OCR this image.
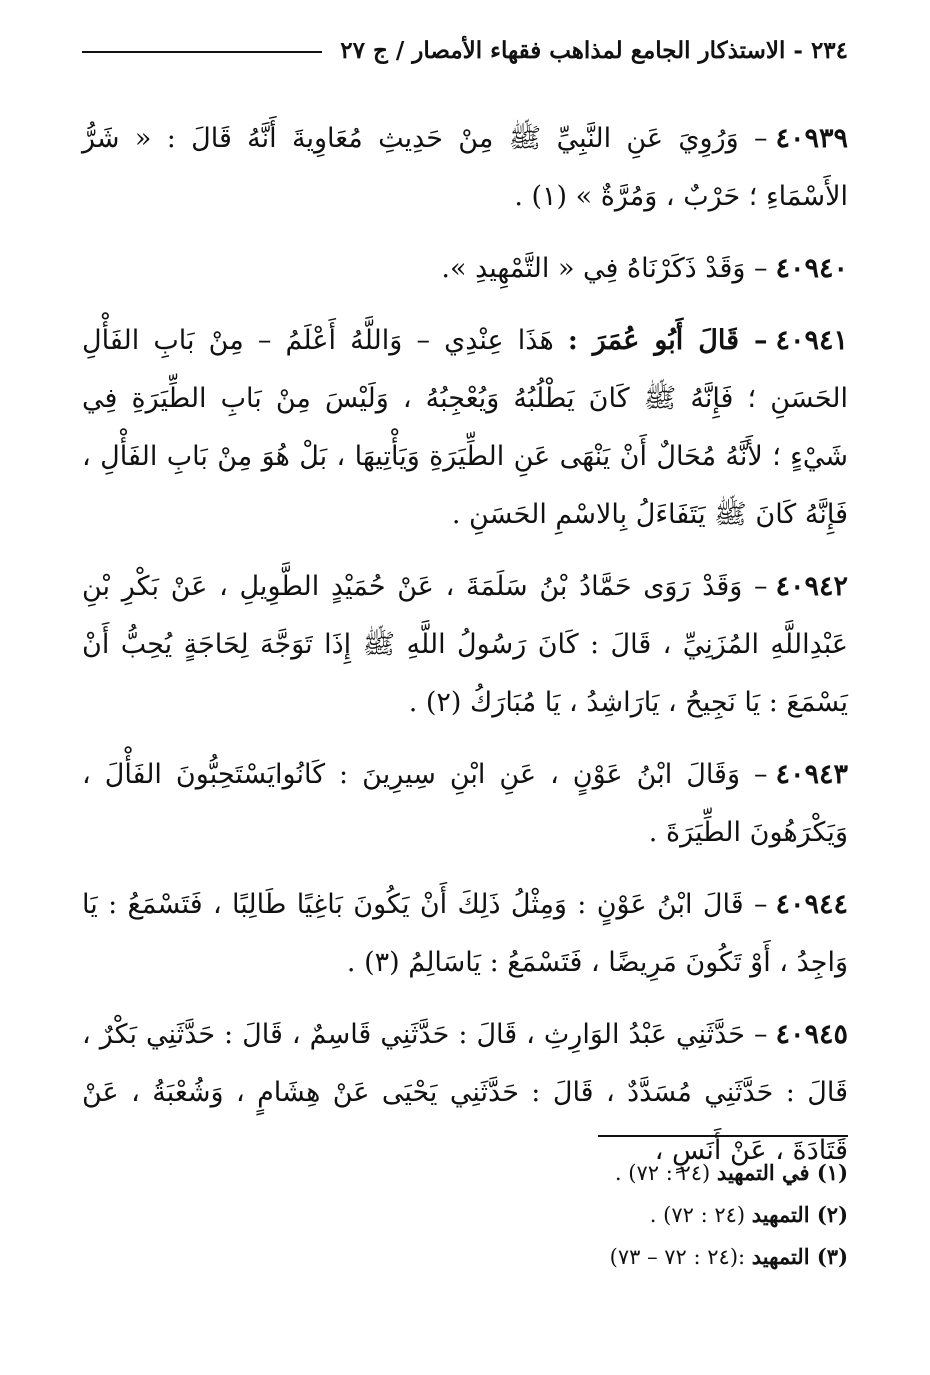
٢٣٤ - الاستذكار الجامع لمذاهب فقهاء الأمصار / ج ٢٧

٤٠٩٣٩– وَرُوِيَ عَنِ النَّبِيِّ ﷺ مِنْ حَدِيثِ مُعَاوِيةَ أَنَّهُ قَالَ : « شَرُّ الأَسْمَاءِ ؛ حَرْبٌ ، وَمُرَّةٌ » (١) .

٤٠٩٤٠– وَقَدْ ذَكَرْنَاهُ فِي « التَّمْهِيدِ ».

٤٠٩٤١– قَالَ أَبُو عُمَرَ : هَذَا عِنْدِي – وَاللَّهُ أَعْلَمُ – مِنْ بَابِ الفَأْلِ الحَسَنِ ؛ فَإِنَّهُ ﷺ كَانَ يَطْلُبُهُ وَيُعْجِبُهُ ، وَلَيْسَ مِنْ بَابِ الطِّيَرَةِ فِي شَيْءٍ ؛ لأَنَّهُ مُحَالٌ أَنْ يَنْهَى عَنِ الطِّيَرَةِ وَيَأْتِيهَا ، بَلْ هُوَ مِنْ بَابِ الفَأْلِ ، فَإِنَّهُ كَانَ ﷺ يَتَفَاءَلُ بِالاسْمِ الحَسَنِ .

٤٠٩٤٢– وَقَدْ رَوَى حَمَّادُ بْنُ سَلَمَةَ ، عَنْ حُمَيْدٍ الطَّوِيلِ ، عَنْ بَكْرِ بْنِ عَبْدِاللَّهِ المُزَنِيِّ ، قَالَ : كَانَ رَسُولُ اللَّهِ ﷺ إِذَا تَوَجَّهَ لِحَاجَةٍ يُحِبُّ أَنْ يَسْمَعَ : يَا نَجِيحُ ، يَارَاشِدُ ، يَا مُبَارَكُ (٢) .

٤٠٩٤٣– وَقَالَ ابْنُ عَوْنٍ ، عَنِ ابْنِ سِيرِينَ : كَانُوايَسْتَحِبُّونَ الفَأْلَ ، وَيَكْرَهُونَ الطِّيَرَةَ .

٤٠٩٤٤– قَالَ ابْنُ عَوْنٍ : وَمِثْلُ ذَلِكَ أَنْ يَكُونَ بَاغِيًا طَالِبًا ، فَتَسْمَعُ : يَا وَاجِدُ ، أَوْ تَكُونَ مَرِيضًا ، فَتَسْمَعُ : يَاسَالِمُ (٣) .

٤٠٩٤٥– حَدَّثَنِي عَبْدُ الوَارِثِ ، قَالَ : حَدَّثَنِي قَاسِمٌ ، قَالَ : حَدَّثَنِي بَكْرٌ ، قَالَ : حَدَّثَنِي مُسَدَّدٌ ، قَالَ : حَدَّثَنِي يَحْيَى عَنْ هِشَامٍ ، وَشُعْبَةُ ، عَنْ قَتَادَةَ ، عَنْ أَنَسٍ ،

(١) في التمهيد (٢٤ : ٧٢) .

(٢) التمهيد (٢٤ : ٧٢) .

(٣) التمهيد :(٢٤ : ٧٢ – ٧٣)
